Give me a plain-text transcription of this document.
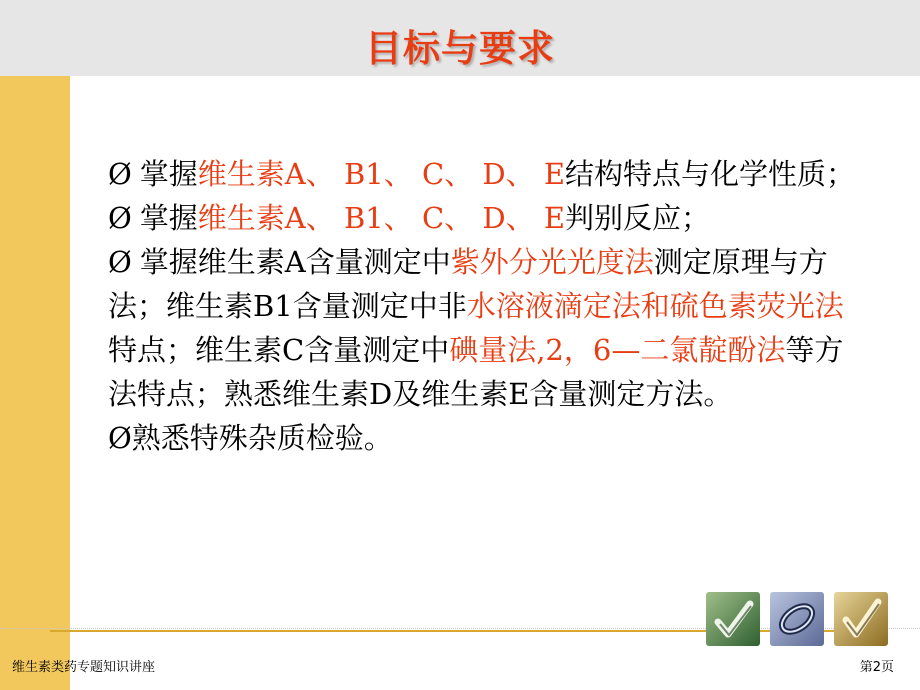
目标与要求

Ø 掌握维生素A、 B1、 C、 D、 E结构特点与化学性质；

Ø 掌握维生素A、 B1、 C、 D、 E判别反应；

Ø 掌握维生素A含量测定中紫外分光光度法测定原理与方法；维生素B1含量测定中非水溶液滴定法和硫色素荧光法特点；维生素C含量测定中碘量法,2，6—二氯靛酚法等方法特点；熟悉维生素D及维生素E含量测定方法。

Ø熟悉特殊杂质检验。

维生素类药专题知识讲座	第2页
